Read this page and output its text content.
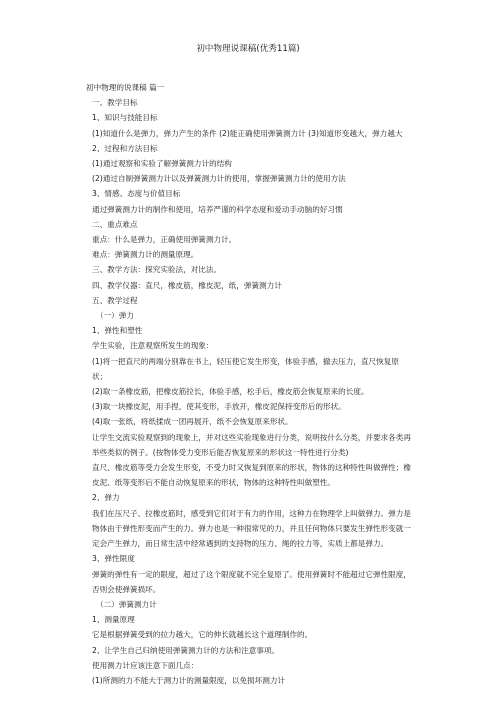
初中物理说课稿(优秀11篇)
初中物理的说课稿 篇一
一、教学目标
1、知识与技能目标
(1)知道什么是弹力，弹力产生的条件 (2)能正确使用弹簧测力计 (3)知道形变越大，弹力越大
2、过程和方法目标
(1)通过观察和实验了解弹簧测力计的结构
(2)通过自制弹簧测力计以及弹簧测力计的使用，掌握弹簧测力计的使用方法
3、情感、态度与价值目标
通过弹簧测力计的制作和使用，培养严谨的科学态度和爱动手动脑的好习惯
二、重点难点
重点：什么是弹力，正确使用弹簧测力计。
难点：弹簧测力计的测量原理。
三、教学方法：探究实验法，对比法。
四、教学仪器：直尺，橡皮筋，橡皮泥，纸，弹簧测力计
五、教学过程
（一）弹力
1、弹性和塑性
学生实验，注意观察所发生的现象：
(1)将一把直尺的两端分别靠在书上，轻压使它发生形变，体验手感，撤去压力，直尺恢复原状；
(2)取一条橡皮筋，把橡皮筋拉长，体验手感，松手后，橡皮筋会恢复原来的长度。
(3)取一块橡皮泥，用手捏，使其变形，手放开，橡皮泥保持变形后的形状。
(4)取一张纸，将纸揉成一团再展开，纸不会恢复原来形状。
让学生交流实验观察到的现象上，并对这些实验现象进行分类，说明按什么分类，并要求各类再举些类似的例子。(按物体受力变形后能否恢复原来的形状这一特性进行分类)
直尺、橡皮筋等受力会发生形变，不受力时又恢复到原来的形状，物体的这种特性叫做弹性；橡皮泥、纸等变形后不能自动恢复原来的形状，物体的这种特性叫做塑性。
2、弹力
我们在压尺子、拉橡皮筋时，感受到它们对于有力的作用，这种力在物理学上叫做弹力。弹力是物体由于弹性形变而产生的力。弹力也是一种很常见的力，并且任何物体只要发生弹性形变就一定会产生弹力，而日常生活中经常遇到的支持物的压力、绳的拉力等，实质上都是弹力。
3、弹性限度
弹簧的弹性有一定的限度，超过了这个限度就不完全复原了。使用弹簧时不能超过它弹性限度，否则会使弹簧损坏。
（二）弹簧测力计
1、测量原理
它是根据弹簧受到的拉力越大，它的伸长就越长这个道理制作的。
2、让学生自己归纳使用弹簧测力计的方法和注意事项。
使用测力计应该注意下面几点：
(1)所测的力不能大于测力计的测量限度，以免损坏测力计
